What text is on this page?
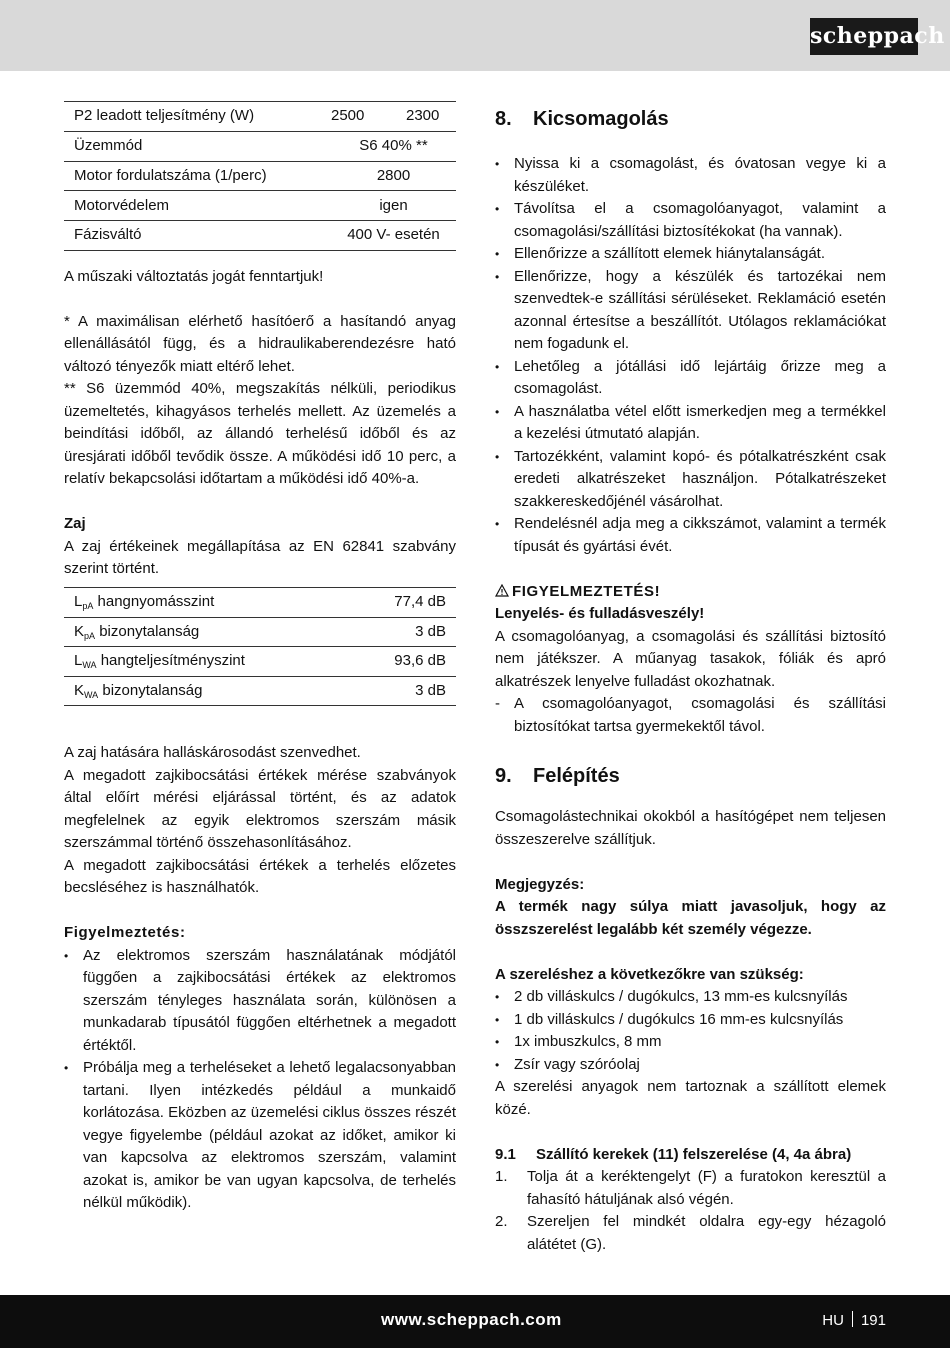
scheppach
P2 leadott teljesítmény (W)	2500	2300
Üzemmód	S6 40% **	
Motor fordulatszáma (1/perc)	2800	
Motorvédelem	igen	
Fázisváltó	400 V- esetén	

A műszaki változtatás jogát fenntartjuk!

* A maximálisan elérhető hasítóerő a hasítandó anyag ellenállásától függ, és a hidraulikaberendezésre ható változó tényezők miatt eltérő lehet.

** S6 üzemmód 40%, megszakítás nélküli, periodikus üzemeltetés, kihagyásos terhelés mellett. Az üzemelés a beindítási időből, az állandó terhelésű időből és az üresjárati időből tevődik össze. A működési idő 10 perc, a relatív bekapcsolási időtartam a működési idő 40%-a.

Zaj

A zaj értékeinek megállapítása az EN 62841 szabvány szerint történt.

$L_{pA}$ hangnyomásszint	77,4 dB
$K_{pA}$ bizonytalanság	3 dB
$L_{WA}$ hangteljesítményszint	93,6 dB
$K_{WA}$ bizonytalanság	3 dB

A zaj hatására halláskárosodást szenvedhet.

A megadott zajkibocsátási értékek mérése szabványok által előírt mérési eljárással történt, és az adatok megfelelnek az egyik elektromos szerszám másik szerszámmal történő összehasonlításához.

A megadott zajkibocsátási értékek a terhelés előzetes becsléséhez is használhatók.

Figyelmeztetés:

• Az elektromos szerszám használatának módjától függően a zajkibocsátási értékek az elektromos szerszám tényleges használata során, különösen a munkadarab típusától függően eltérhetnek a megadott értéktől.
• Próbálja meg a terheléseket a lehető legalacsonyabban tartani. Ilyen intézkedés például a munkaidő korlátozása. Eközben az üzemelési ciklus összes részét vegye figyelembe (például azokat az időket, amikor ki van kapcsolva az elektromos szerszám, valamint azokat is, amikor be van ugyan kapcsolva, de terhelés nélkül működik).
8. Kicsomagolás
• Nyissa ki a csomagolást, és óvatosan vegye ki a készüléket.
• Távolítsa el a csomagolóanyagot, valamint a csomagolási/szállítási biztosítékokat (ha vannak).
• Ellenőrizze a szállított elemek hiánytalanságát.
• Ellenőrizze, hogy a készülék és tartozékai nem szenvedtek-e szállítási sérüléseket. Reklamáció esetén azonnal értesítse a beszállítót. Utólagos reklamációkat nem fogadunk el.
• Lehetőleg a jótállási idő lejártáig őrizze meg a csomagolást.
• A használatba vétel előtt ismerkedjen meg a termékkel a kezelési útmutató alapján.
• Tartozékként, valamint kopó- és pótalkatrészként csak eredeti alkatrészeket használjon. Pótalkatrészeket szakkereskedőjénél vásárolhat.
• Rendelésnél adja meg a cikkszámot, valamint a termék típusát és gyártási évét.

FIGYELMEZTETÉS!

Lenyelés- és fulladásveszély!

A csomagolóanyag, a csomagolási és szállítási biztosító nem játékszer. A műanyag tasakok, fóliák és apró alkatrészek lenyelve fulladást okozhatnak.

- A csomagolóanyagot, csomagolási és szállítási biztosítókat tartsa gyermekektől távol.
9. Felépítés

Csomagolástechnikai okokból a hasítógépet nem teljesen összeszerelve szállítjuk.

Megjegyzés:

A termék nagy súlya miatt javasoljuk, hogy az összszerelést legalább két személy végezze.

A szereléshez a következőkre van szükség:

• 2 db villáskulcs / dugókulcs, 13 mm-es kulcsnyílás
• 1 db villáskulcs / dugókulcs 16 mm-es kulcsnyílás
• 1x imbuszkulcs, 8 mm
• Zsír vagy szóróolaj

A szerelési anyagok nem tartoznak a szállított elemek közé.

9.1 Szállító kerekek (11) felszerelése (4, 4a ábra)
1. Tolja át a keréktengelyt (F) a furatokon keresztül a fahasító hátuljának alsó végén.
2. Szereljen fel mindkét oldalra egy-egy hézagoló alátétet (G).
www.scheppach.com	HU 191
